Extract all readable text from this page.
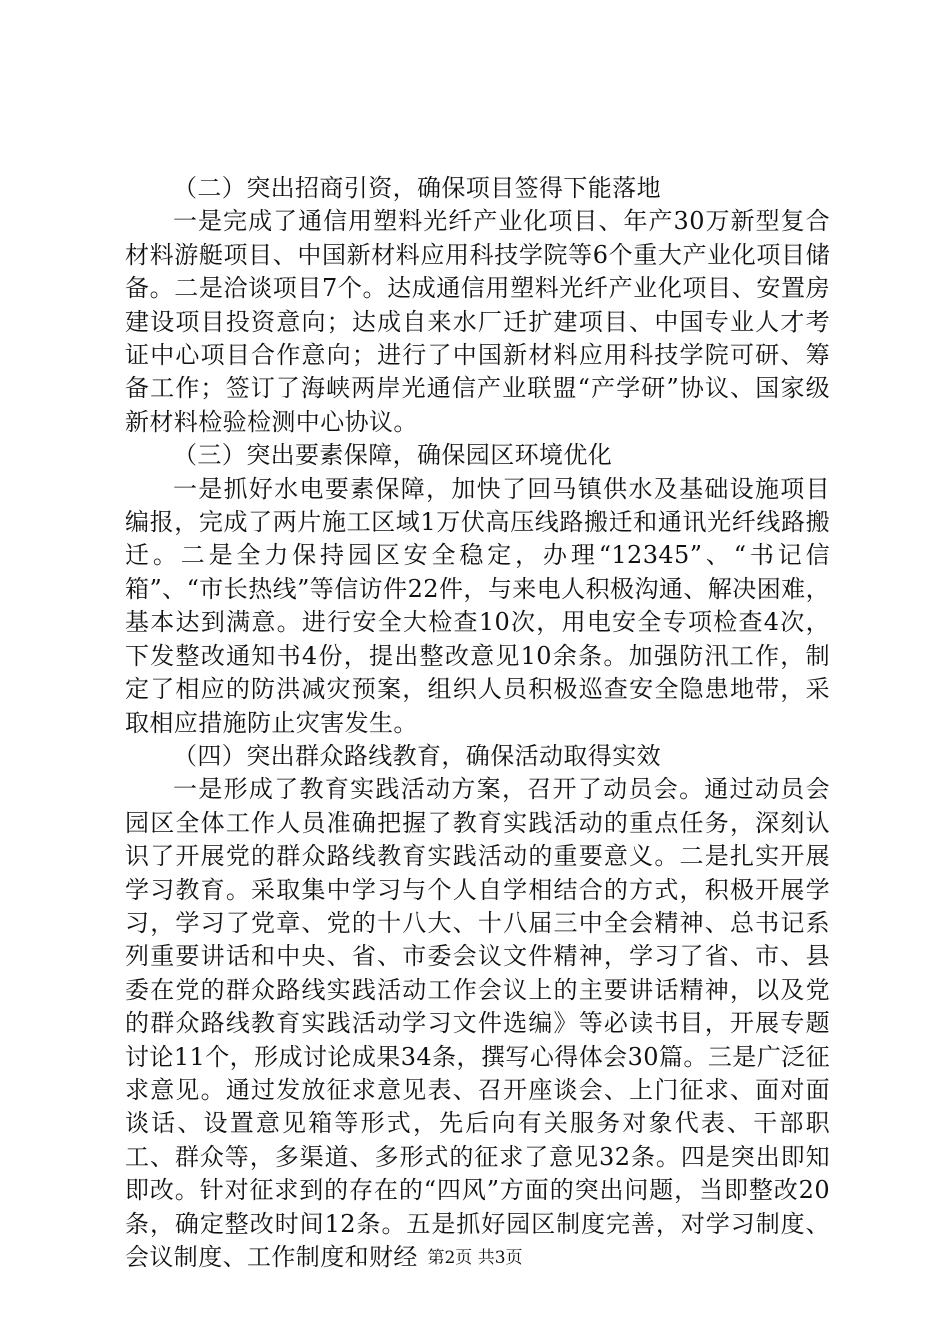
（二）突出招商引资，确保项目签得下能落地

一是完成了通信用塑料光纤产业化项目、年产30万新型复合材料游艇项目、中国新材料应用科技学院等6个重大产业化项目储备。二是洽谈项目7个。达成通信用塑料光纤产业化项目、安置房建设项目投资意向；达成自来水厂迁扩建项目、中国专业人才考证中心项目合作意向；进行了中国新材料应用科技学院可研、筹备工作；签订了海峡两岸光通信产业联盟“产学研”协议、国家级新材料检验检测中心协议。

（三）突出要素保障，确保园区环境优化

一是抓好水电要素保障，加快了回马镇供水及基础设施项目编报，完成了两片施工区域1万伏高压线路搬迁和通讯光纤线路搬迁。二是全力保持园区安全稳定，办理“12345”、“书记信箱”、“市长热线”等信访件22件，与来电人积极沟通、解决困难，基本达到满意。进行安全大检查10次，用电安全专项检查4次，下发整改通知书4份，提出整改意见10余条。加强防汛工作，制定了相应的防洪减灾预案，组织人员积极巡查安全隐患地带，采取相应措施防止灾害发生。

（四）突出群众路线教育，确保活动取得实效

一是形成了教育实践活动方案，召开了动员会。通过动员会园区全体工作人员准确把握了教育实践活动的重点任务，深刻认识了开展党的群众路线教育实践活动的重要意义。二是扎实开展学习教育。采取集中学习与个人自学相结合的方式，积极开展学习，学习了党章、党的十八大、十八届三中全会精神、总书记系列重要讲话和中央、省、市委会议文件精神，学习了省、市、县委在党的群众路线实践活动工作会议上的主要讲话精神，以及党的群众路线教育实践活动学习文件选编》等必读书目，开展专题讨论11个，形成讨论成果34条，撰写心得体会30篇。三是广泛征求意见。通过发放征求意见表、召开座谈会、上门征求、面对面谈话、设置意见箱等形式，先后向有关服务对象代表、干部职工、群众等，多渠道、多形式的征求了意见32条。四是突出即知即改。针对征求到的存在的“四风”方面的突出问题，当即整改20条，确定整改时间12条。五是抓好园区制度完善，对学习制度、会议制度、工作制度和财经 第2页 共3页
